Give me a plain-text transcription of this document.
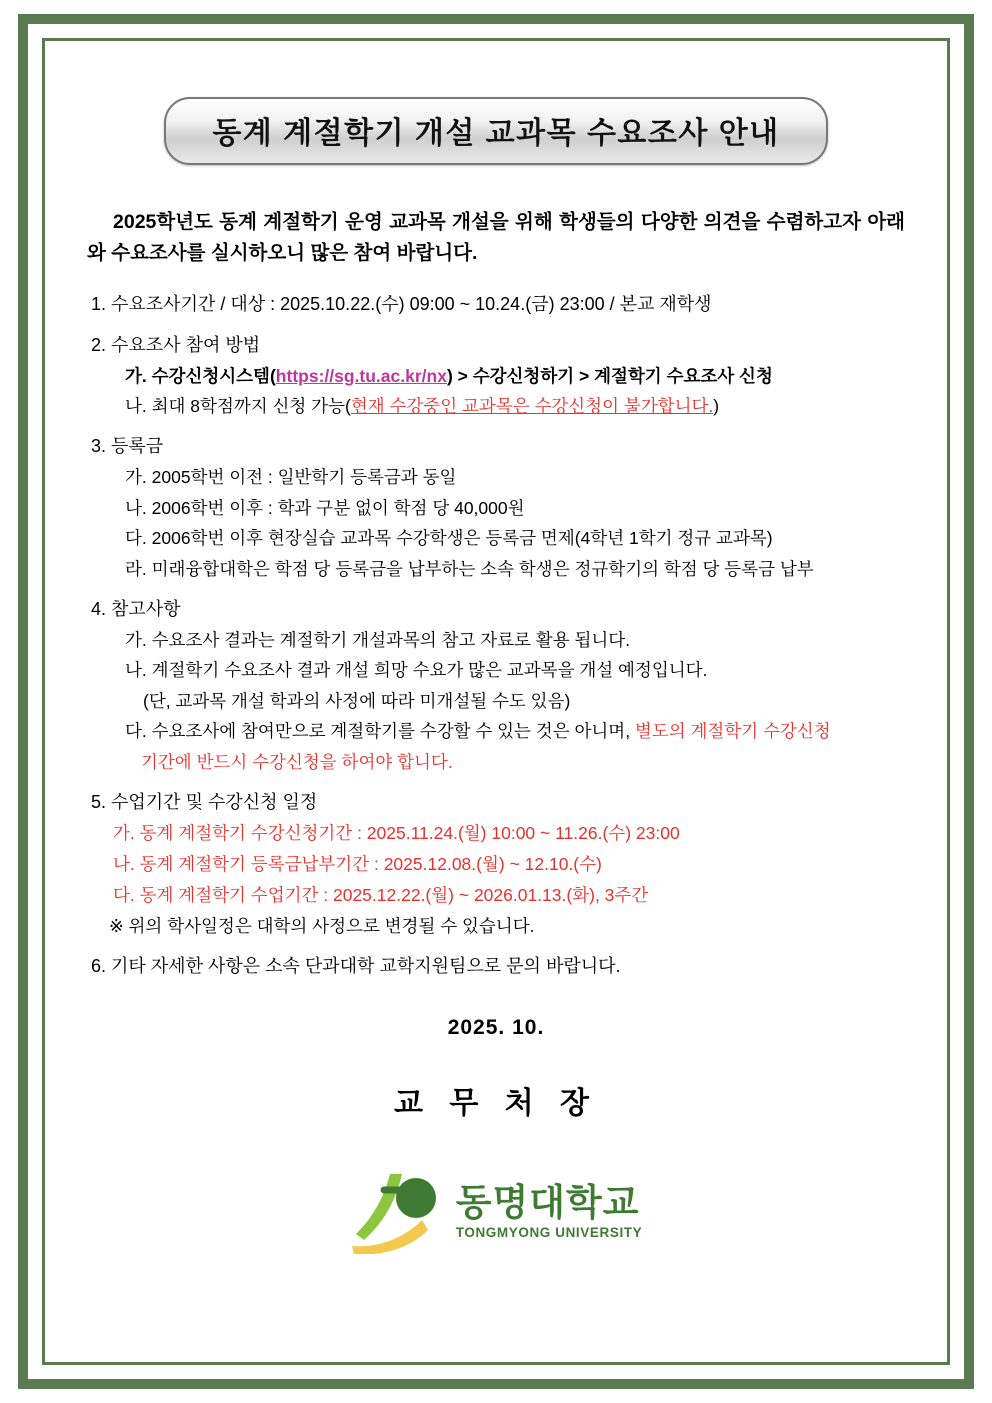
동계 계절학기 개설 교과목 수요조사 안내
2025학년도 동계 계절학기 운영 교과목 개설을 위해 학생들의 다양한 의견을 수렴하고자 아래와 수요조사를 실시하오니 많은 참여 바랍니다.
1. 수요조사기간 / 대상 : 2025.10.22.(수) 09:00 ~ 10.24.(금) 23:00 / 본교 재학생
2. 수요조사 참여 방법
가. 수강신청시스템(https://sg.tu.ac.kr/nx) > 수강신청하기 > 계절학기 수요조사 신청
나. 최대 8학점까지 신청 가능(현재 수강중인 교과목은 수강신청이 불가합니다.)
3. 등록금
가. 2005학번 이전 : 일반학기 등록금과 동일
나. 2006학번 이후 : 학과 구분 없이 학점 당 40,000원
다. 2006학번 이후 현장실습 교과목 수강학생은 등록금 면제(4학년 1학기 정규 교과목)
라. 미래융합대학은 학점 당 등록금을 납부하는 소속 학생은 정규학기의 학점 당 등록금 납부
4. 참고사항
가. 수요조사 결과는 계절학기 개설과목의 참고 자료로 활용 됩니다.
나. 계절학기 수요조사 결과 개설 희망 수요가 많은 교과목을 개설 예정입니다.
(단, 교과목 개설 학과의 사정에 따라 미개설될 수도 있음)
다. 수요조사에 참여만으로 계절학기를 수강할 수 있는 것은 아니며, 별도의 계절학기 수강신청
기간에 반드시 수강신청을 하여야 합니다.
5. 수업기간 및 수강신청 일정
가. 동계 계절학기 수강신청기간 : 2025.11.24.(월) 10:00 ~ 11.26.(수) 23:00
나. 동계 계절학기 등록금납부기간 : 2025.12.08.(월) ~ 12.10.(수)
다. 동계 계절학기 수업기간 : 2025.12.22.(월) ~ 2026.01.13.(화), 3주간
※ 위의 학사일정은 대학의 사정으로 변경될 수 있습니다.
6. 기타 자세한 사항은 소속 단과대학 교학지원팀으로 문의 바랍니다.
2025. 10.
교 무 처 장
동명대학교
TONGMYONG UNIVERSITY
